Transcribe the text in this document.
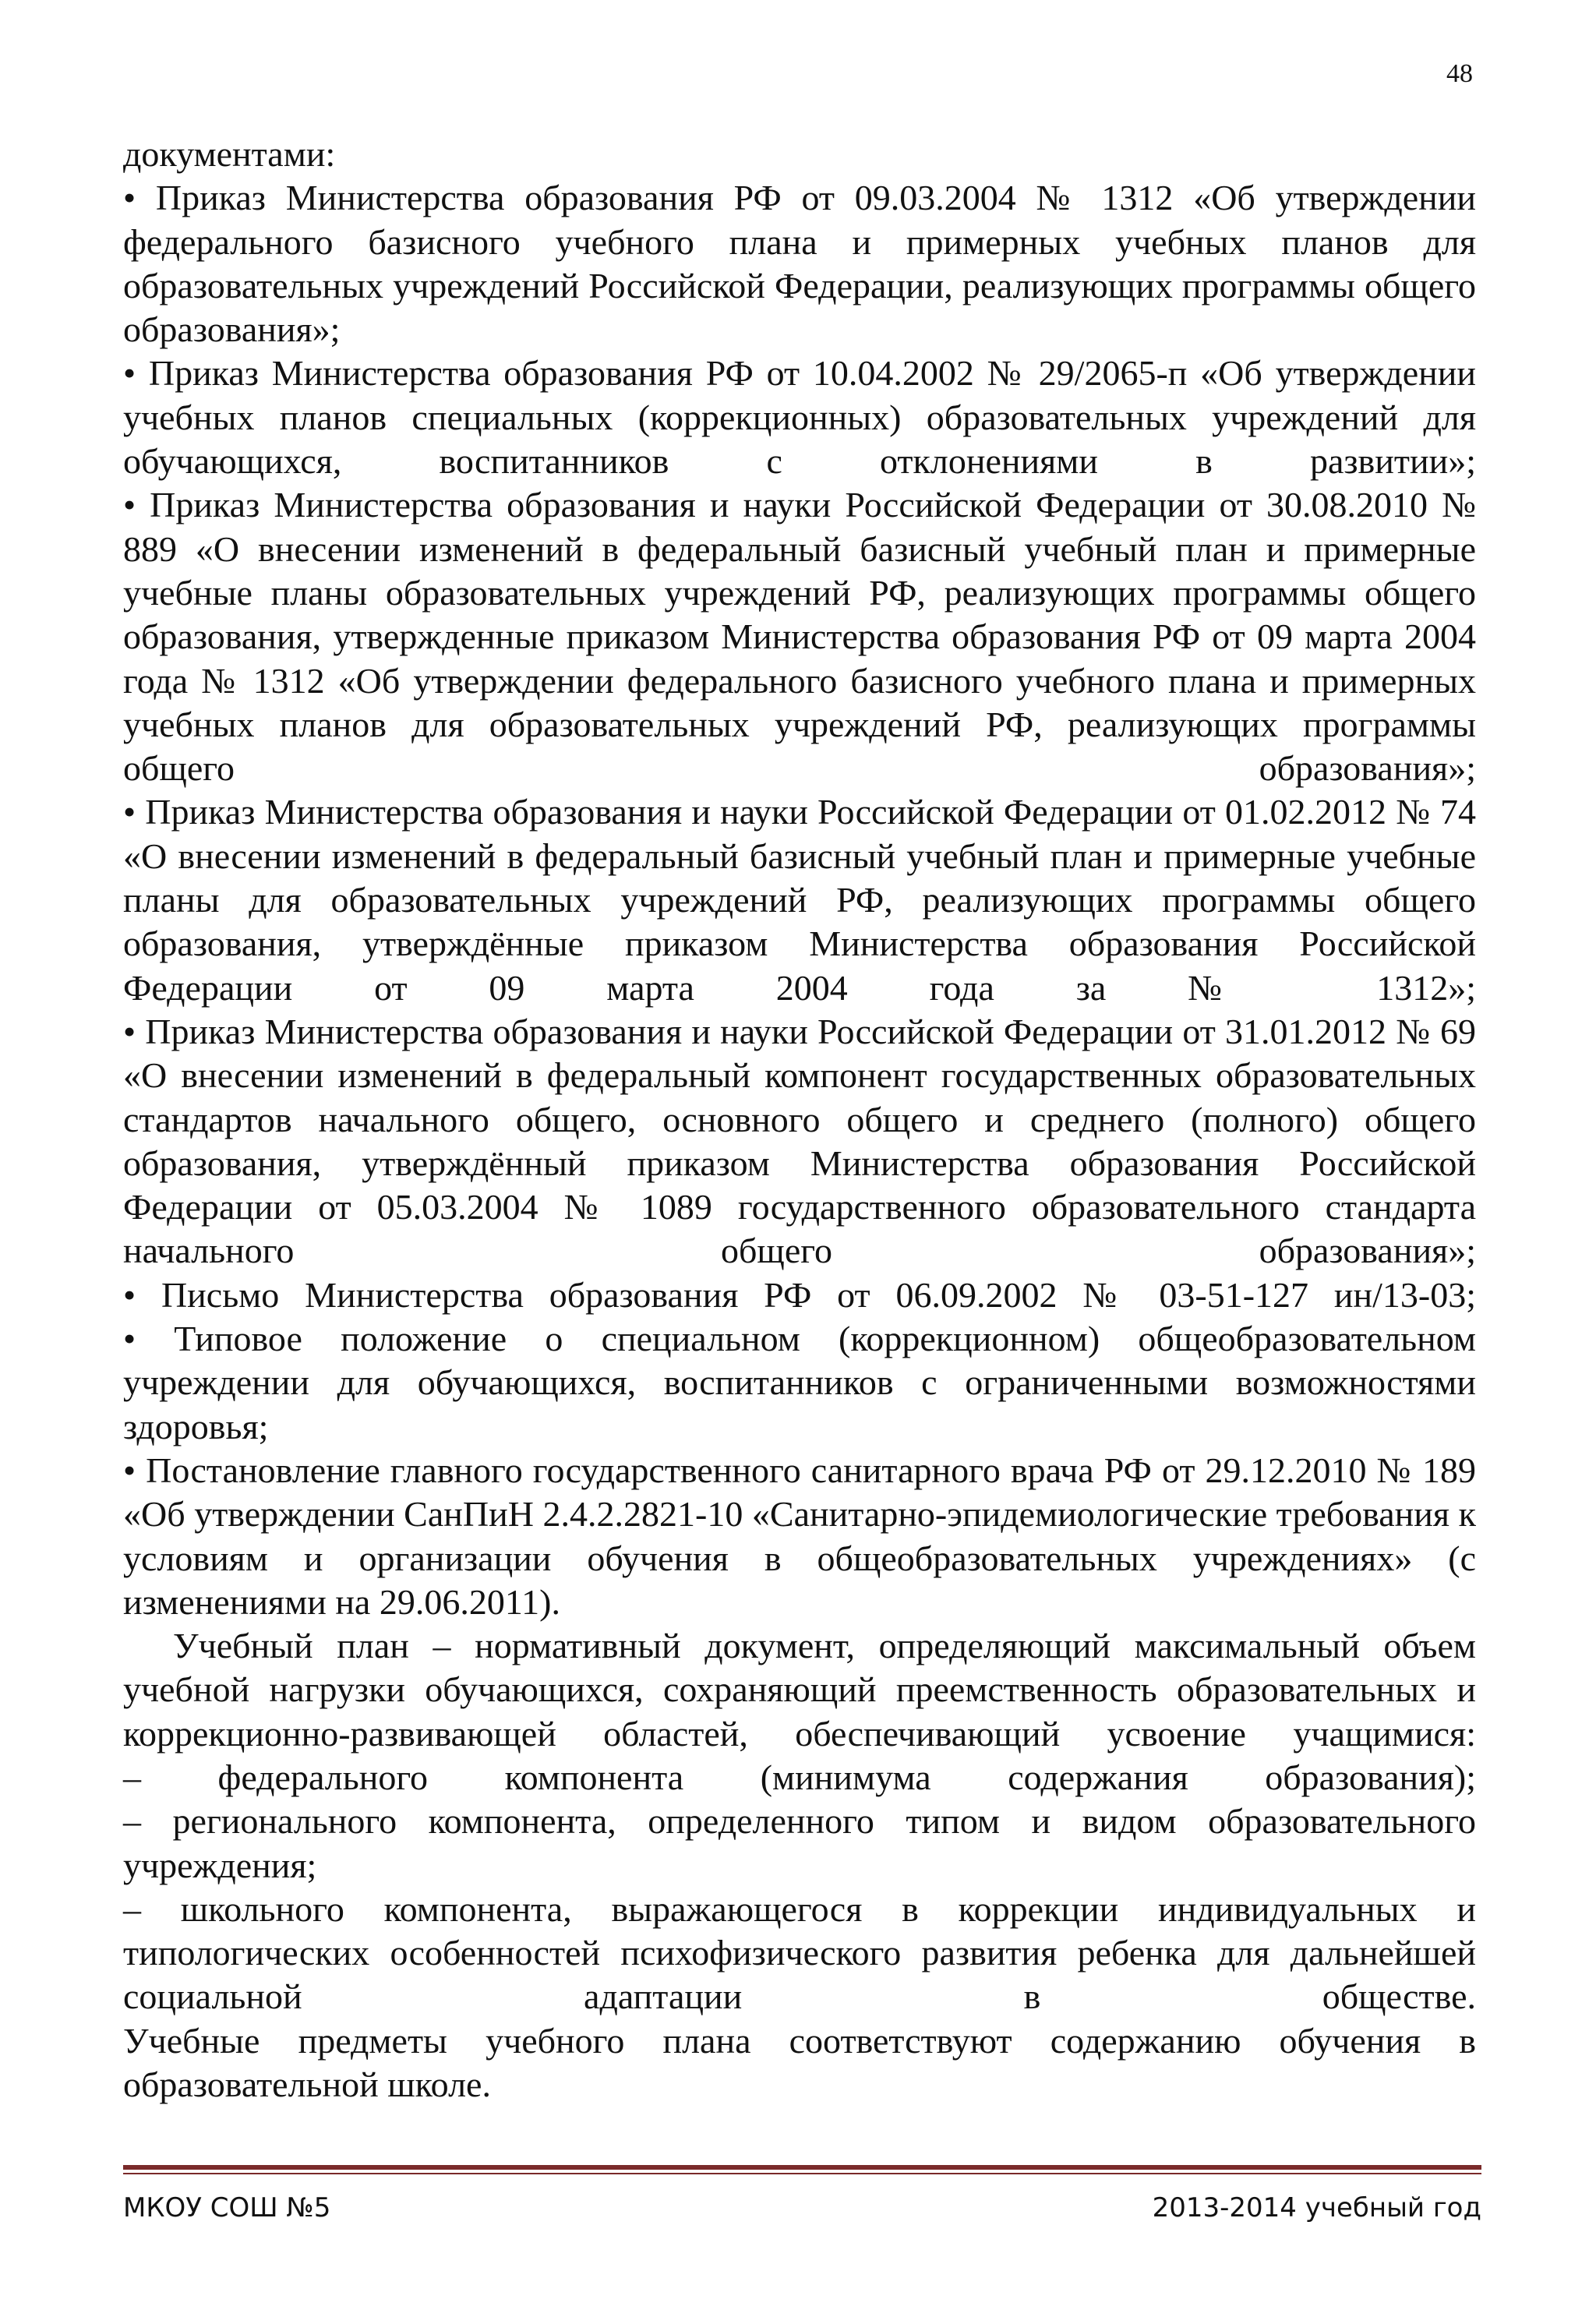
48

документами:

• Приказ Министерства образования РФ от 09.03.2004 № 1312 «Об утверждении федерального базисного учебного плана и примерных учебных планов для образовательных учреждений Российской Федерации, реализующих программы общего образования»;

• Приказ Министерства образования РФ от 10.04.2002 № 29/2065-п «Об утверждении учебных планов специальных (коррекционных) образовательных учреждений для обучающихся, воспитанников с отклонениями в развитии»;

• Приказ Министерства образования и науки Российской Федерации от 30.08.2010 № 889 «О внесении изменений в федеральный базисный учебный план и примерные учебные планы образовательных учреждений РФ, реализующих программы общего образования, утвержденные приказом Министерства образования РФ от 09 марта 2004 года № 1312 «Об утверждении федерального базисного учебного плана и примерных учебных планов для образовательных учреждений РФ, реализующих программы общего образования»;

• Приказ Министерства образования и науки Российской Федерации от 01.02.2012 № 74 «О внесении изменений в федеральный базисный учебный план и примерные учебные планы для образовательных учреждений РФ, реализующих программы общего образования, утверждённые приказом Министерства образования Российской Федерации от 09 марта 2004 года за № 1312»;

• Приказ Министерства образования и науки Российской Федерации от 31.01.2012 № 69 «О внесении изменений в федеральный компонент государственных образовательных стандартов начального общего, основного общего и среднего (полного) общего образования, утверждённый приказом Министерства образования Российской Федерации от 05.03.2004 № 1089 государственного образовательного стандарта начального общего образования»;

• Письмо Министерства образования РФ от 06.09.2002 № 03-51-127 ин/13-03;

• Типовое положение о специальном (коррекционном) общеобразовательном учреждении для обучающихся, воспитанников с ограниченными возможностями здоровья;

• Постановление главного государственного санитарного врача РФ от 29.12.2010 № 189 «Об утверждении СанПиН 2.4.2.2821-10 «Санитарно-эпидемиологические требования к условиям и организации обучения в общеобразовательных учреждениях» (с изменениями на 29.06.2011).

Учебный план – нормативный документ, определяющий максимальный объем учебной нагрузки обучающихся, сохраняющий преемственность образовательных и коррекционно-развивающей областей, обеспечивающий усвоение учащимися:

– федерального компонента (минимума содержания образования);

– регионального компонента, определенного типом и видом образовательного учреждения;

– школьного компонента, выражающегося в коррекции индивидуальных и типологических особенностей психофизического развития ребенка для дальнейшей социальной адаптации в обществе.

Учебные предметы учебного плана соответствуют содержанию обучения в образовательной школе.

МКОУ СОШ №5	2013-2014 учебный год
